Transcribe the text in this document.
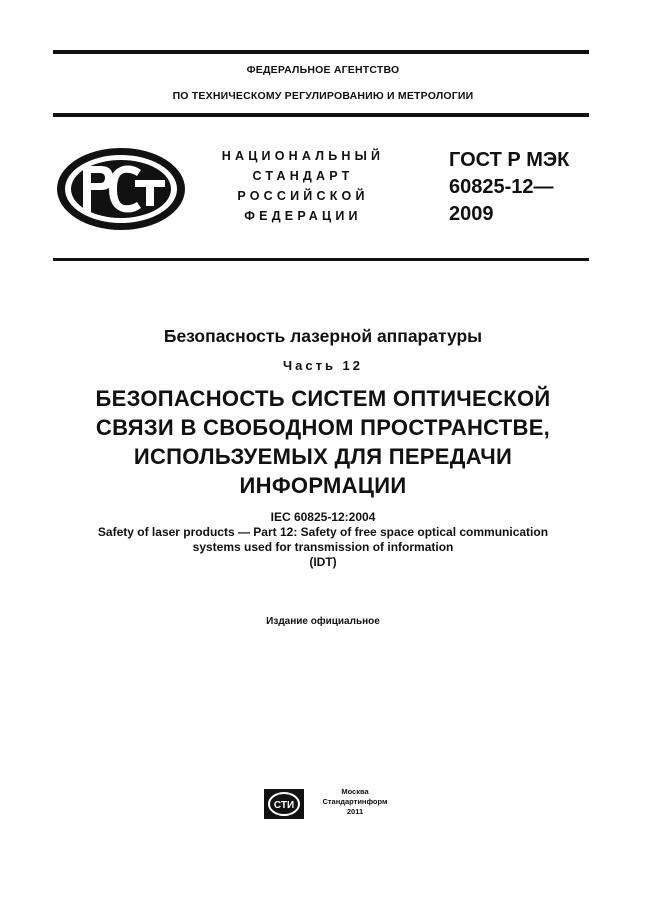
ФЕДЕРАЛЬНОЕ АГЕНТСТВО
ПО ТЕХНИЧЕСКОМУ РЕГУЛИРОВАНИЮ И МЕТРОЛОГИИ
НАЦИОНАЛЬНЫЙ
СТАНДАРТ
РОССИЙСКОЙ
ФЕДЕРАЦИИ
ГОСТ Р МЭК
60825-12—
2009
Безопасность лазерной аппаратуры
Часть 12
БЕЗОПАСНОСТЬ СИСТЕМ ОПТИЧЕСКОЙ
СВЯЗИ В СВОБОДНОМ ПРОСТРАНСТВЕ,
ИСПОЛЬЗУЕМЫХ ДЛЯ ПЕРЕДАЧИ
ИНФОРМАЦИИ
IEC 60825-12:2004
Safety of laser products — Part 12: Safety of free space optical communication
systems used for transmission of information
(IDT)
Издание официальное
СТИ
Москва
Стандартинформ
2011
